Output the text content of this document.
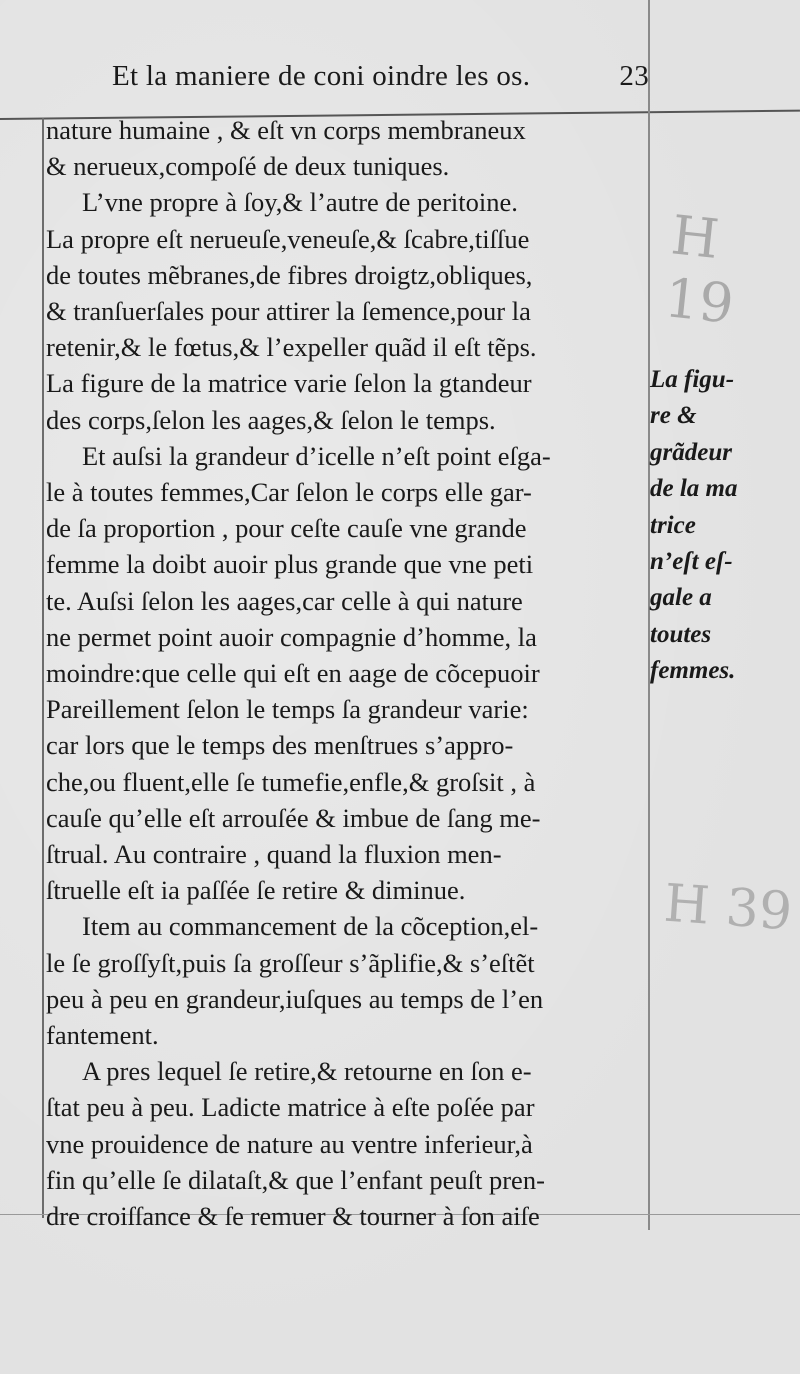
Et la maniere de coni oindre les os.	23
nature humaine , & eſt vn corps membraneux
& nerueux,compoſé de deux tuniques.
L’vne propre à ſoy,& l’autre de peritoine.
La propre eſt nerueuſe,veneuſe,& ſcabre,tiſſue
de toutes mẽbranes,de fibres droigtz,obliques,
& tranſuerſales pour attirer la ſemence,pour la
retenir,& le fœtus,& l’expeller quãd il eſt tẽps.
La figure de la matrice varie ſelon la gtandeur
des corps,ſelon les aages,& ſelon le temps.
Et auſsi la grandeur d’icelle n’eſt point eſga-
le à toutes femmes,Car ſelon le corps elle gar-
de ſa proportion , pour ceſte cauſe vne grande
femme la doibt auoir plus grande que vne peti
te. Auſsi ſelon les aages,car celle à qui nature
ne permet point auoir compagnie d’homme, la
moindre:que celle qui eſt en aage de cõcepuoir
Pareillement ſelon le temps ſa grandeur varie:
car lors que le temps des menſtrues s’appro-
che,ou fluent,elle ſe tumefie,enfle,& groſsit , à
cauſe qu’elle eſt arrouſée & imbue de ſang me-
ſtrual. Au contraire , quand la fluxion men-
ſtruelle eſt ia paſſée ſe retire & diminue.
Item au commancement de la cõception,el-
le ſe groſſyſt,puis ſa groſſeur s’ãplifie,& s’eſtẽt
peu à peu en grandeur,iuſques au temps de l’en
fantement.
A pres lequel ſe retire,& retourne en ſon e-
ſtat peu à peu. Ladicte matrice à eſte poſée par
vne prouidence de nature au ventre inferieur,à
fin qu’elle ſe dilataſt,& que l’enfant peuſt pren-
dre croiſſance & ſe remuer & tourner à ſon aiſe
La figu-
re &
grãdeur
de la ma
trice
n’eſt eſ-
gale a
toutes
femmes.
H 19
H 39
